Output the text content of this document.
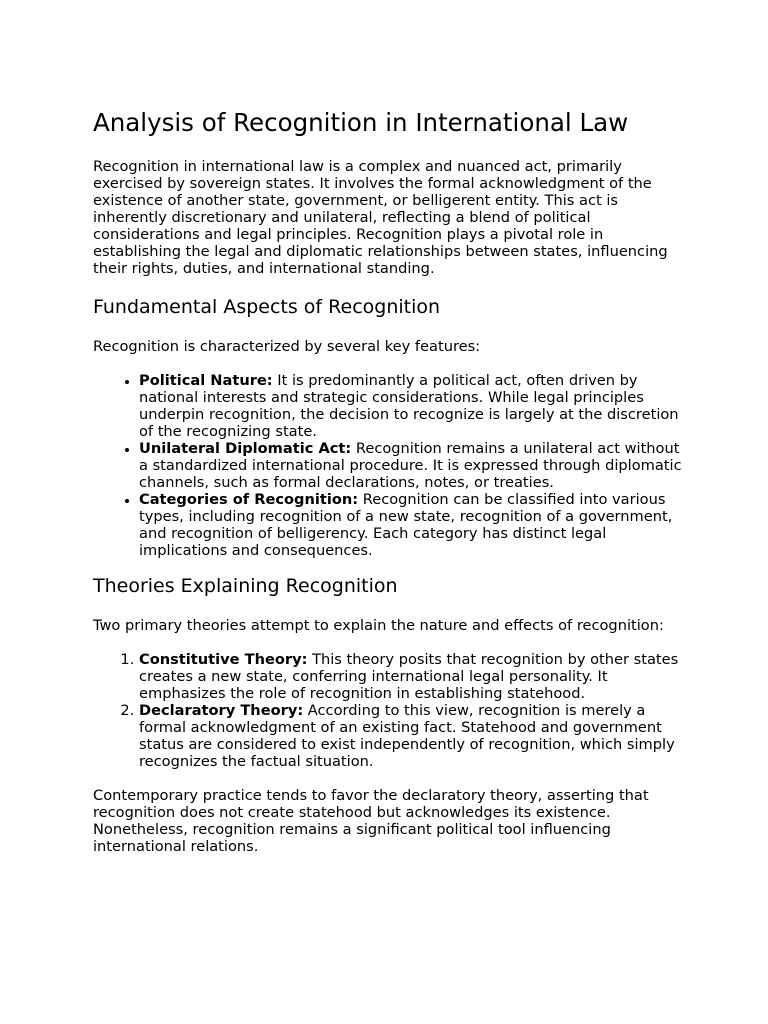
Analysis of Recognition in International Law

Recognition in international law is a complex and nuanced act, primarily exercised by sovereign states. It involves the formal acknowledgment of the existence of another state, government, or belligerent entity. This act is inherently discretionary and unilateral, reflecting a blend of political considerations and legal principles. Recognition plays a pivotal role in establishing the legal and diplomatic relationships between states, influencing their rights, duties, and international standing.

Fundamental Aspects of Recognition

Recognition is characterized by several key features:

• Political Nature: It is predominantly a political act, often driven by national interests and strategic considerations. While legal principles underpin recognition, the decision to recognize is largely at the discretion of the recognizing state.
• Unilateral Diplomatic Act: Recognition remains a unilateral act without a standardized international procedure. It is expressed through diplomatic channels, such as formal declarations, notes, or treaties.
• Categories of Recognition: Recognition can be classified into various types, including recognition of a new state, recognition of a government, and recognition of belligerency. Each category has distinct legal implications and consequences.
Theories Explaining Recognition

Two primary theories attempt to explain the nature and effects of recognition:

1. Constitutive Theory: This theory posits that recognition by other states creates a new state, conferring international legal personality. It emphasizes the role of recognition in establishing statehood.
2. Declaratory Theory: According to this view, recognition is merely a formal acknowledgment of an existing fact. Statehood and government status are considered to exist independently of recognition, which simply recognizes the factual situation.

Contemporary practice tends to favor the declaratory theory, asserting that recognition does not create statehood but acknowledges its existence. Nonetheless, recognition remains a significant political tool influencing international relations.
